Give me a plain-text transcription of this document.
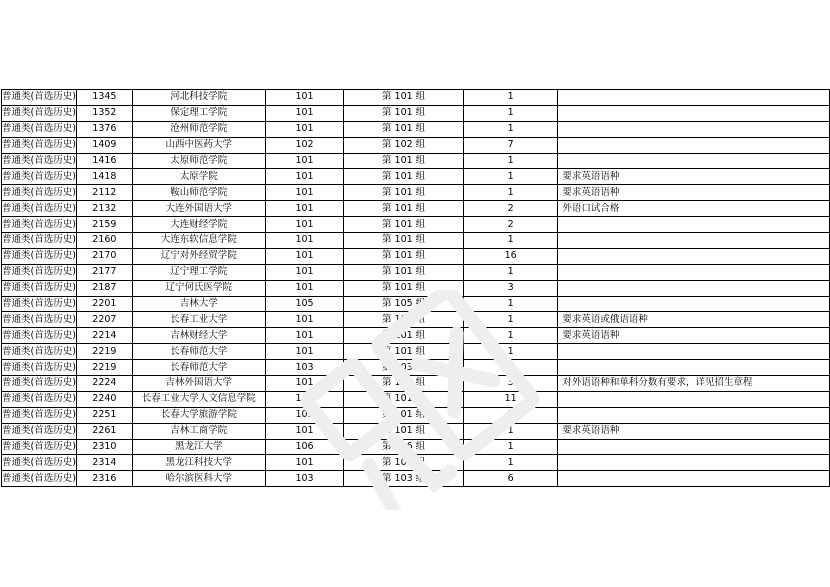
普通类(首选历史)	1345	河北科技学院	101	第 101 组	1	
普通类(首选历史)	1352	保定理工学院	101	第 101 组	1	
普通类(首选历史)	1376	沧州师范学院	101	第 101 组	1	
普通类(首选历史)	1409	山西中医药大学	102	第 102 组	7	
普通类(首选历史)	1416	太原师范学院	101	第 101 组	1	
普通类(首选历史)	1418	太原学院	101	第 101 组	1	要求英语语种
普通类(首选历史)	2112	鞍山师范学院	101	第 101 组	1	要求英语语种
普通类(首选历史)	2132	大连外国语大学	101	第 101 组	2	外语口试合格
普通类(首选历史)	2159	大连财经学院	101	第 101 组	2	
普通类(首选历史)	2160	大连东软信息学院	101	第 101 组	1	
普通类(首选历史)	2170	辽宁对外经贸学院	101	第 101 组	16	
普通类(首选历史)	2177	辽宁理工学院	101	第 101 组	1	
普通类(首选历史)	2187	辽宁何氏医学院	101	第 101 组	3	
普通类(首选历史)	2201	吉林大学	105	第 105 组	1	
普通类(首选历史)	2207	长春工业大学	101	第 101 组	1	要求英语或俄语语种
普通类(首选历史)	2214	吉林财经大学	101	第 101 组	1	要求英语语种
普通类(首选历史)	2219	长春师范大学	101	第 101 组	1	
普通类(首选历史)	2219	长春师范大学	103	第 103 组	1	
普通类(首选历史)	2224	吉林外国语大学	101	第 101 组	3	对外语语种和单科分数有要求，详见招生章程
普通类(首选历史)	2240	长春工业大学人文信息学院	101	第 101 组	11	
普通类(首选历史)	2251	长春大学旅游学院	101	第 101 组	2	
普通类(首选历史)	2261	吉林工商学院	101	第 101 组	1	要求英语语种
普通类(首选历史)	2310	黑龙江大学	106	第 106 组	1	
普通类(首选历史)	2314	黑龙江科技大学	101	第 101 组	1	
普通类(首选历史)	2316	哈尔滨医科大学	103	第 103 组	6	
